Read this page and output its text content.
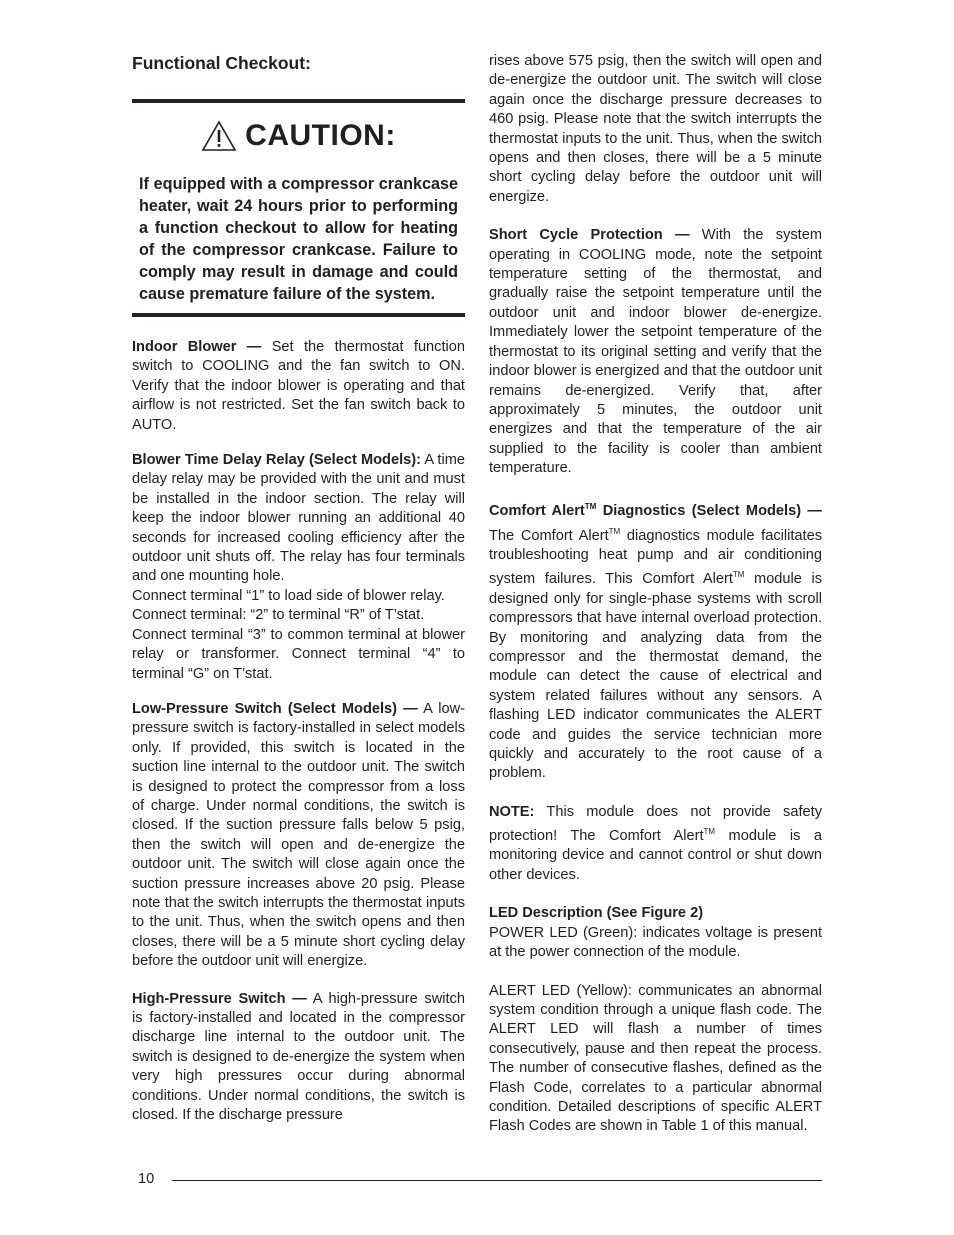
Functional Checkout:
CAUTION:
If equipped with a compressor crankcase heater, wait 24 hours prior to performing a function checkout to allow for heating of the compressor crankcase. Failure to comply may result in damage and could cause premature failure of the system.

Indoor Blower — Set the thermostat function switch to COOLING and the fan switch to ON. Verify that the indoor blower is operating and that airflow is not restricted. Set the fan switch back to AUTO.

Blower Time Delay Relay (Select Models): A time delay relay may be provided with the unit and must be installed in the indoor section. The relay will keep the indoor blower running an additional 40 seconds for increased cooling efficiency after the outdoor unit shuts off. The relay has four terminals and one mounting hole.

Connect terminal “1” to load side of blower relay.

Connect terminal: “2” to terminal “R” of T’stat.

Connect terminal “3” to common terminal at blower relay or transformer. Connect terminal “4” to terminal “G” on T’stat.

Low-Pressure Switch (Select Models) — A low-pressure switch is factory-installed in select models only. If provided, this switch is located in the suction line internal to the outdoor unit. The switch is designed to protect the compressor from a loss of charge. Under normal conditions, the switch is closed. If the suction pressure falls below 5 psig, then the switch will open and de-energize the outdoor unit. The switch will close again once the suction pressure increases above 20 psig. Please note that the switch interrupts the thermostat inputs to the unit. Thus, when the switch opens and then closes, there will be a 5 minute short cycling delay before the outdoor unit will energize.

High-Pressure Switch — A high-pressure switch is factory-installed and located in the compressor discharge line internal to the outdoor unit. The switch is designed to de-energize the system when very high pressures occur during abnormal conditions. Under normal conditions, the switch is closed. If the discharge pressure

rises above 575 psig, then the switch will open and de-energize the outdoor unit. The switch will close again once the discharge pressure decreases to 460 psig. Please note that the switch interrupts the thermostat inputs to the unit. Thus, when the switch opens and then closes, there will be a 5 minute short cycling delay before the outdoor unit will energize.

Short Cycle Protection — With the system operating in COOLING mode, note the setpoint temperature setting of the thermostat, and gradually raise the setpoint temperature until the outdoor unit and indoor blower de-energize. Immediately lower the setpoint temperature of the thermostat to its original setting and verify that the indoor blower is energized and that the outdoor unit remains de-energized. Verify that, after approximately 5 minutes, the outdoor unit energizes and that the temperature of the air supplied to the facility is cooler than ambient temperature.

Comfort Alert™ Diagnostics (Select Models) — The Comfort Alert™ diagnostics module facilitates troubleshooting heat pump and air conditioning system failures. This Comfort Alert™ module is designed only for single-phase systems with scroll compressors that have internal overload protection. By monitoring and analyzing data from the compressor and the thermostat demand, the module can detect the cause of electrical and system related failures without any sensors. A flashing LED indicator communicates the ALERT code and guides the service technician more quickly and accurately to the root cause of a problem.

NOTE: This module does not provide safety protection! The Comfort Alert™ module is a monitoring device and cannot control or shut down other devices.

LED Description (See Figure 2)

POWER LED (Green): indicates voltage is present at the power connection of the module.

ALERT LED (Yellow): communicates an abnormal system condition through a unique flash code. The ALERT LED will flash a number of times consecutively, pause and then repeat the process. The number of consecutive flashes, defined as the Flash Code, correlates to a particular abnormal condition. Detailed descriptions of specific ALERT Flash Codes are shown in Table 1 of this manual.

10
